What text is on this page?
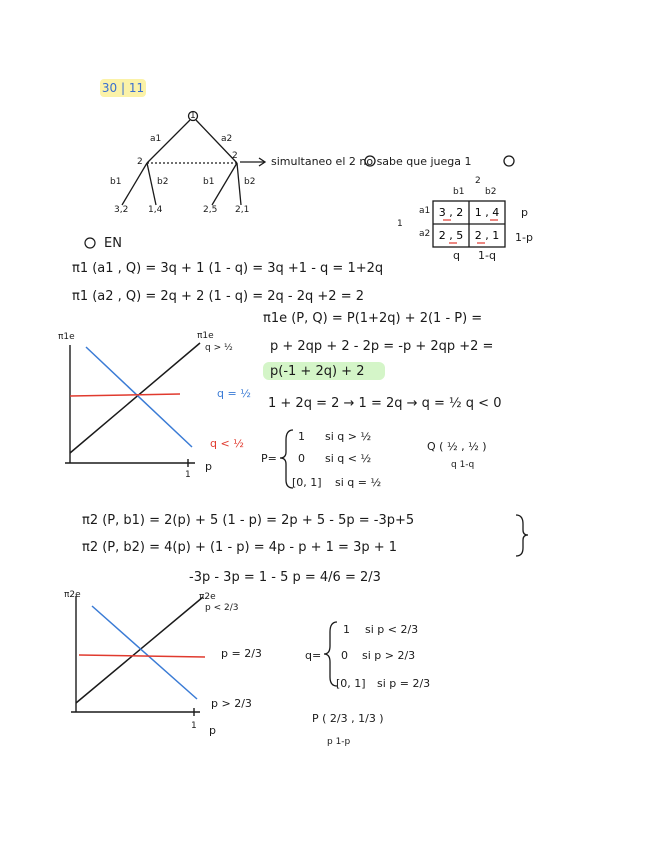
30 | 11
1
a1	a2
2
2	simultaneo el 2 no sabe que juega 1
b1	b2	b1	b2
3,2 1,4	2,5 2,1
2
b1 b2
1
a1
a2
3 , 2	1 , 4
2 , 5	2 , 1
p
1-p
q 1-q
EN
π1 (a1 , Q) = 3q + 1 (1 - q) = 3q +1 - q = 1+2q
π1 (a2 , Q) = 2q + 2 (1 - q) = 2q - 2q +2 = 2
π1e (P, Q) = P(1+2q) + 2(1 - P) =
p + 2qp + 2 - 2p = -p + 2qp +2 =
p(-1 + 2q) + 2
1 + 2q = 2 → 1 = 2q → q = ½ q < 0
π1e	π1e
q > ½
q = ½
q < ½
p
1
P=
1 si q > ½
0 si q < ½
[0, 1] si q = ½
Q ( ½ , ½ )
q 1-q
π2 (P, b1) = 2(p) + 5 (1 - p) = 2p + 5 - 5p = -3p+5
π2 (P, b2) = 4(p) + (1 - p) = 4p - p + 1 = 3p + 1
-3p - 3p = 1 - 5 p = 4/6 = 2/3
π2e	π2e
p < 2/3
p = 2/3
p > 2/3
p
1
q=
1 si p < 2/3
0 si p > 2/3
[0, 1] si p = 2/3
P ( 2/3 , 1/3 )
p 1-p
